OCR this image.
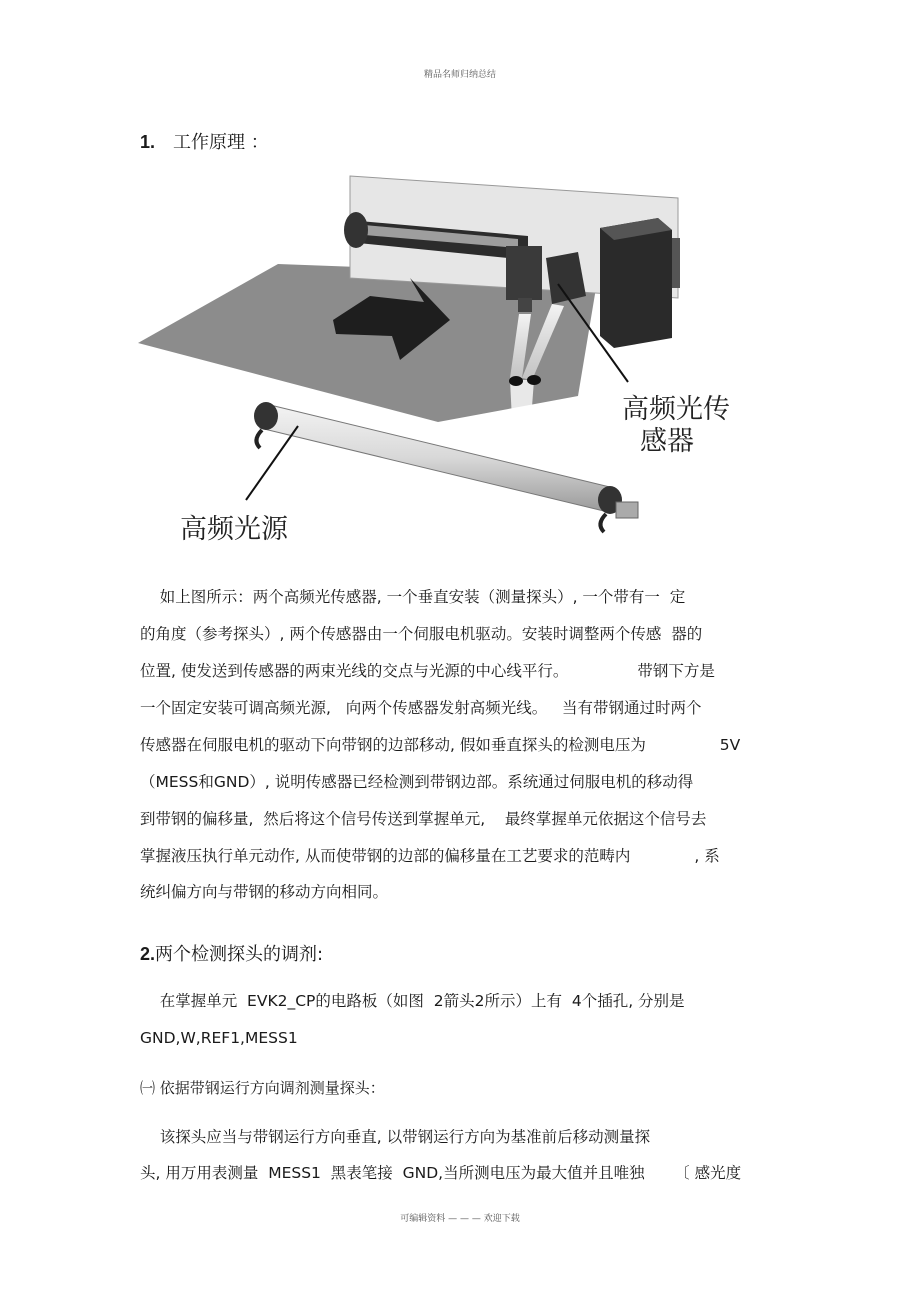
精品名师归纳总结
1. 工作原理 ：
高频光传
感器
高频光源
如上图所示：两个高频光传感器, 一个垂直安装（测量探头）, 一个带有一  定
的角度（参考探头）, 两个传感器由一个伺服电机驱动。安装时调整两个传感  器的
位置, 使发送到传感器的两束光线的交点与光源的中心线平行。              带钢下方是
一个固定安装可调高频光源,   向两个传感器发射高频光线。   当有带钢通过时两个
传感器在伺服电机的驱动下向带钢的边部移动, 假如垂直探头的检测电压为               5V
（MESS和GND）, 说明传感器已经检测到带钢边部。系统通过伺服电机的移动得
到带钢的偏移量,  然后将这个信号传送到掌握单元,    最终掌握单元依据这个信号去
掌握液压执行单元动作, 从而使带钢的边部的偏移量在工艺要求的范畴内             , 系
统纠偏方向与带钢的移动方向相同。
2.两个检测探头的调剂:
在掌握单元  EVK2_CP的电路板（如图  2箭头2所示）上有  4个插孔, 分别是
GND,W,REF1,MESS1
㈠ 依据带钢运行方向调剂测量探头：
该探头应当与带钢运行方向垂直, 以带钢运行方向为基准前后移动测量探
头, 用万用表测量  MESS1  黑表笔接  GND,当所测电压为最大值并且唯独      〔 感光度
可编辑资料 — — — 欢迎下载
